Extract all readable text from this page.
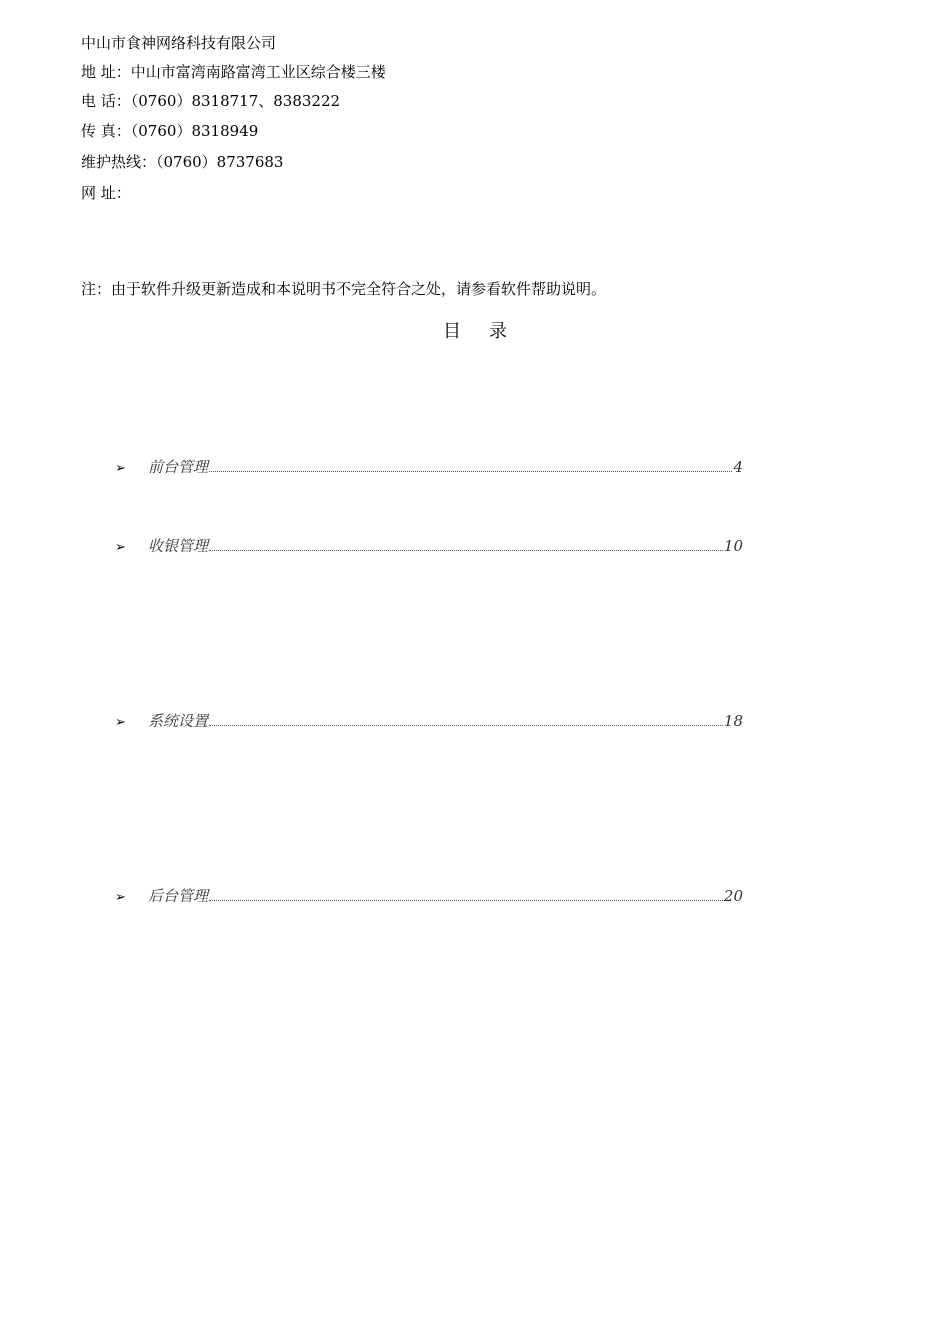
中山市食神网络科技有限公司
地 址：中山市富湾南路富湾工业区综合楼三楼
电 话：（0760）8318717、8383222
传 真：（0760）8318949
维护热线：（0760）8737683
网 址：
注：由于软件升级更新造成和本说明书不完全符合之处，请参看软件帮助说明。
目 录
➢	前台管理	4
➢	收银管理	10
➢	系统设置	18
➢	后台管理	20
